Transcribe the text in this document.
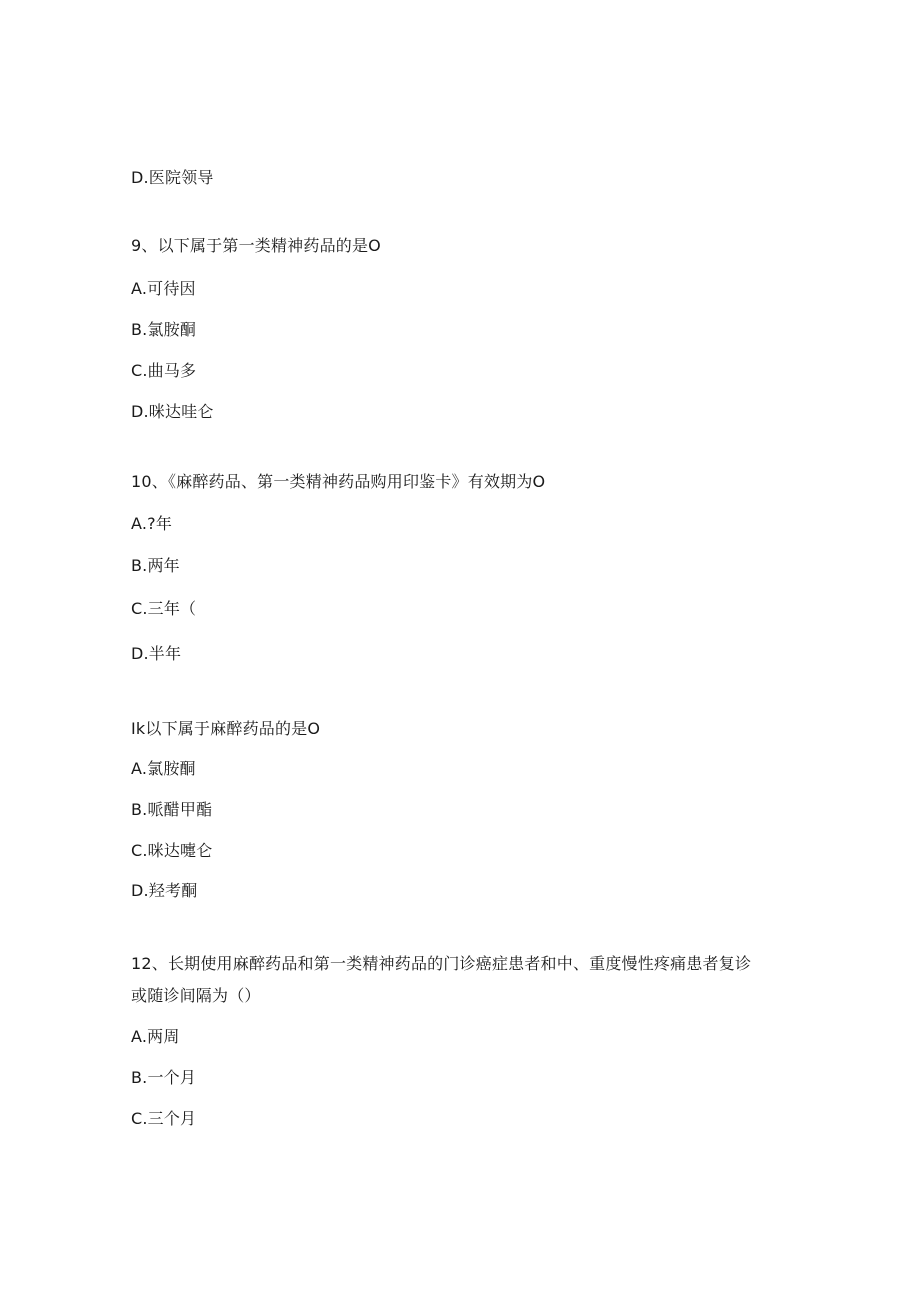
D.医院领导
9、以下属于第一类精神药品的是O
A.可待因
B.氯胺酮
C.曲马多
D.咪达哇仑
10、《麻醉药品、第一类精神药品购用印鉴卡》有效期为O
A.?年
B.两年
C.三年（
D.半年
Ik以下属于麻醉药品的是O
A.氯胺酮
B.哌醋甲酯
C.咪达嚏仑
D.羟考酮
12、长期使用麻醉药品和第一类精神药品的门诊癌症患者和中、重度慢性疼痛患者复诊
或随诊间隔为（）
A.两周
B.一个月
C.三个月
